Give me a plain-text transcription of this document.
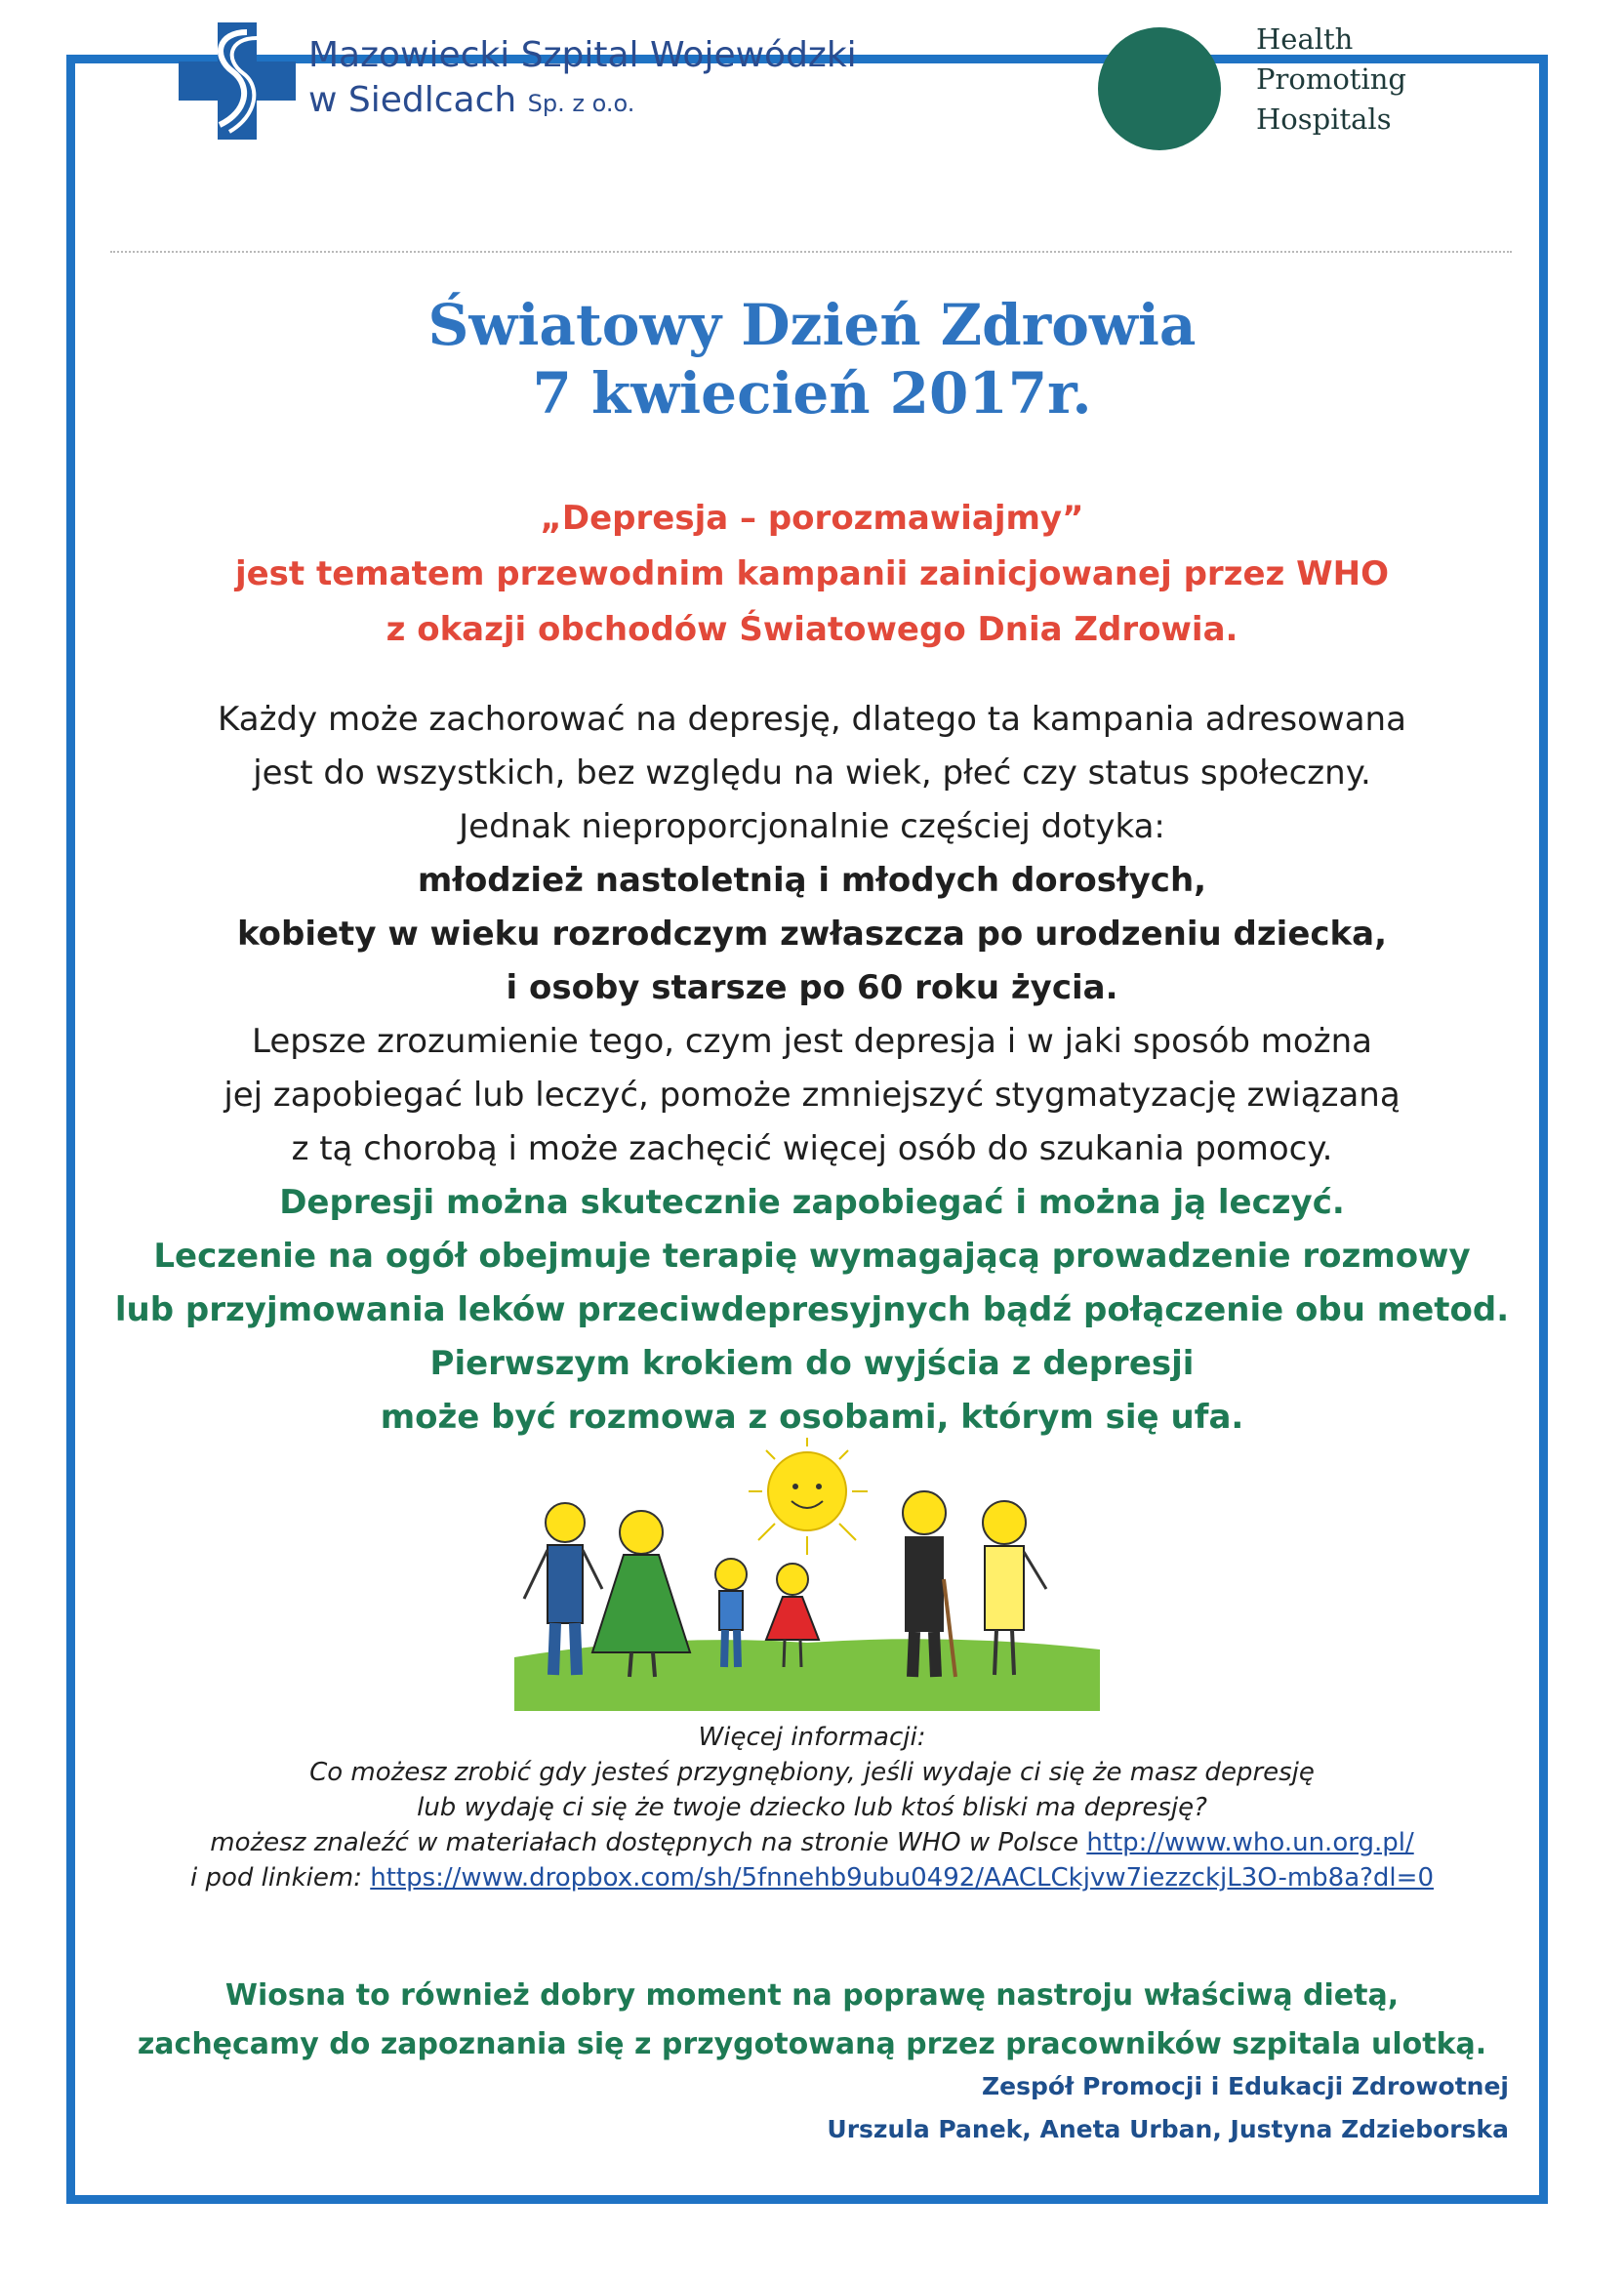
Mazowiecki Szpital Wojewódzki
w Siedlcach Sp. z o.o.
Health
Promoting
Hospitals
Światowy Dzień Zdrowia
7 kwiecień 2017r.
„Depresja – porozmawiajmy”
jest tematem przewodnim kampanii zainicjowanej przez WHO
z okazji obchodów Światowego Dnia Zdrowia.
Każdy może zachorować na depresję, dlatego ta kampania adresowana
jest do wszystkich, bez względu na wiek, płeć czy status społeczny.
Jednak nieproporcjonalnie częściej dotyka:
młodzież nastoletnią i młodych dorosłych,
kobiety w wieku rozrodczym zwłaszcza po urodzeniu dziecka,
i osoby starsze po 60 roku życia.
Lepsze zrozumienie tego, czym jest depresja i w jaki sposób można
jej zapobiegać lub leczyć, pomoże zmniejszyć stygmatyzację związaną
z tą chorobą i może zachęcić więcej osób do szukania pomocy.
Depresji można skutecznie zapobiegać i można ją leczyć.
Leczenie na ogół obejmuje terapię wymagającą prowadzenie rozmowy
lub przyjmowania leków przeciwdepresyjnych bądź połączenie obu metod.
Pierwszym krokiem do wyjścia z depresji
może być rozmowa z osobami, którym się ufa.
Więcej informacji:
Co możesz zrobić gdy jesteś przygnębiony, jeśli wydaje ci się że masz depresję
lub wydaję ci się że twoje dziecko lub ktoś bliski ma depresję?
możesz znaleźć w materiałach dostępnych na stronie WHO w Polsce http://www.who.un.org.pl/
i pod linkiem: https://www.dropbox.com/sh/5fnnehb9ubu0492/AACLCkjvw7iezzckjL3O-mb8a?dl=0
Wiosna to również dobry moment na poprawę nastroju właściwą dietą,
zachęcamy do zapoznania się z przygotowaną przez pracowników szpitala ulotką.
Zespół Promocji i Edukacji Zdrowotnej
Urszula Panek, Aneta Urban, Justyna Zdzieborska
